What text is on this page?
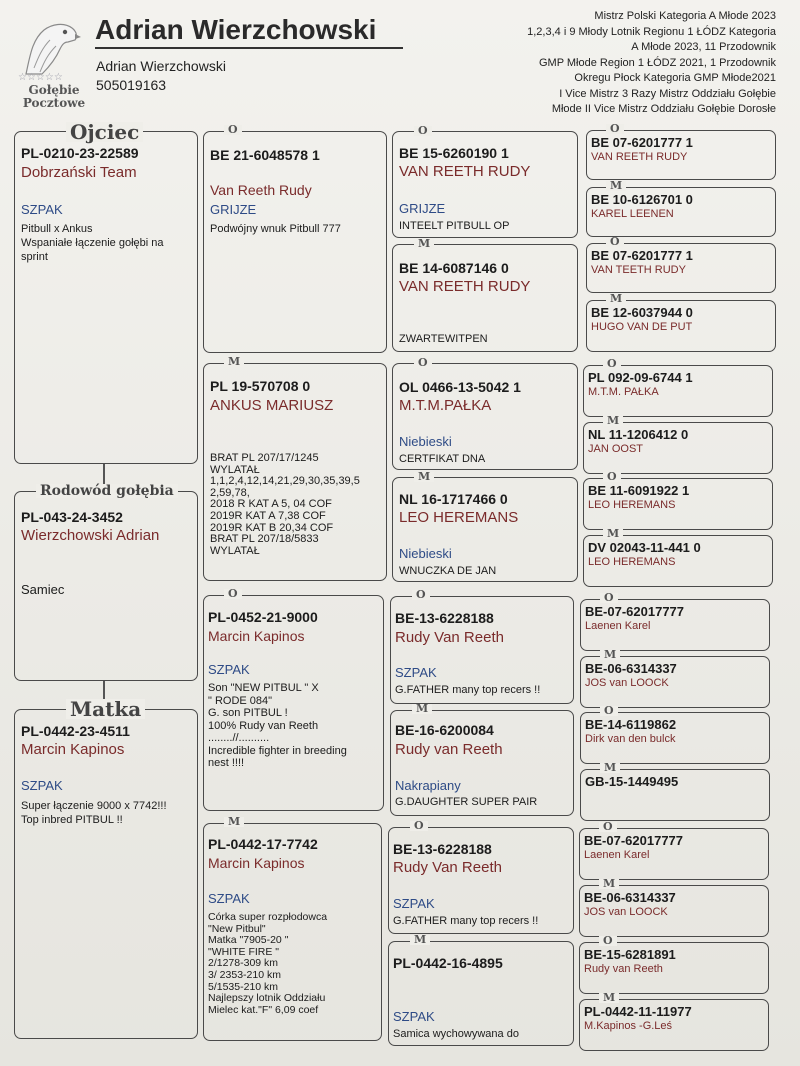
☆☆☆☆☆
Gołębie
Pocztowe
Adrian Wierzchowski
Adrian Wierzchowski
505019163
Mistrz Polski Kategoria A Młode 2023
1,2,3,4 i 9 Młody Lotnik Regionu 1 ŁÓDZ Kategoria
A Młode 2023, 11 Przodownik
GMP Młode Region 1 ŁÓDZ 2021, 1 Przodownik
Okregu Płock Kategoria GMP Młode2021
I Vice Mistrz 3 Razy Mistrz Oddziału Gołębie
Młode II Vice Mistrz Oddziału Gołębie Dorosłe
PL-0210-23-22589
Dobrzański Team
SZPAK
Pitbull x Ankus
Wspaniałe łączenie gołębi na sprint
Ojciec
PL-043-24-3452
Wierzchowski Adrian
Samiec
Rodowód gołębia
PL-0442-23-4511
Marcin Kapinos
SZPAK
Super łączenie 9000 x 7742!!!
Top inbred PITBUL !!
Matka
BE 21-6048578 1
Van Reeth Rudy
GRIJZE
Podwójny wnuk Pitbull 777
O
PL 19-570708 0
ANKUS MARIUSZ
BRAT PL 207/17/1245
WYLATAŁ
1,1,2,4,12,14,21,29,30,35,39,5
2,59,78,
2018 R KAT A 5, 04 COF
2019R KAT A 7,38 COF
2019R KAT B 20,34 COF
BRAT PL 207/18/5833
WYLATAŁ
M
PL-0452-21-9000
Marcin Kapinos
SZPAK
Son "NEW PITBUL " X
" RODE 084"
G. son PITBUL !
100% Rudy van Reeth
........//..........
Incredible fighter in breeding
nest !!!!
O
PL-0442-17-7742
Marcin Kapinos
SZPAK
Córka super rozpłodowca
"New Pitbul"
Matka "7905-20 "
"WHITE FIRE "
2/1278-309 km
3/ 2353-210 km
5/1535-210 km
Najlepszy lotnik Oddziału
Mielec kat."F" 6,09 coef
M
BE 15-6260190 1
VAN REETH RUDY
GRIJZE
INTEELT PITBULL OP
O
BE 14-6087146 0
VAN REETH RUDY
ZWARTEWITPEN
M
OL 0466-13-5042 1
M.T.M.PAŁKA
Niebieski
CERTFIKAT DNA
O
NL 16-1717466 0
LEO HEREMANS
Niebieski
WNUCZKA DE JAN
M
BE-13-6228188
Rudy Van Reeth
SZPAK
G.FATHER many top recers !!
O
BE-16-6200084
Rudy van Reeth
Nakrapiany
G.DAUGHTER SUPER PAIR
M
BE-13-6228188
Rudy Van Reeth
SZPAK
G.FATHER many top recers !!
O
PL-0442-16-4895
SZPAK
Samica wychowywana do
M
BE 07-6201777 1
VAN REETH RUDY
O
BE 10-6126701 0
KAREL LEENEN
M
BE 07-6201777 1
VAN TEETH RUDY
O
BE 12-6037944 0
HUGO VAN DE PUT
M
PL 092-09-6744 1
M.T.M. PAŁKA
O
NL 11-1206412 0
JAN OOST
M
BE 11-6091922 1
LEO HEREMANS
O
DV 02043-11-441 0
LEO HEREMANS
M
BE-07-62017777
Laenen Karel
O
BE-06-6314337
JOS van LOOCK
M
BE-14-6119862
Dirk van den bulck
O
GB-15-1449495
M
BE-07-62017777
Laenen Karel
O
BE-06-6314337
JOS van LOOCK
M
BE-15-6281891
Rudy van Reeth
O
PL-0442-11-11977
M.Kapinos -G.Leś
M
